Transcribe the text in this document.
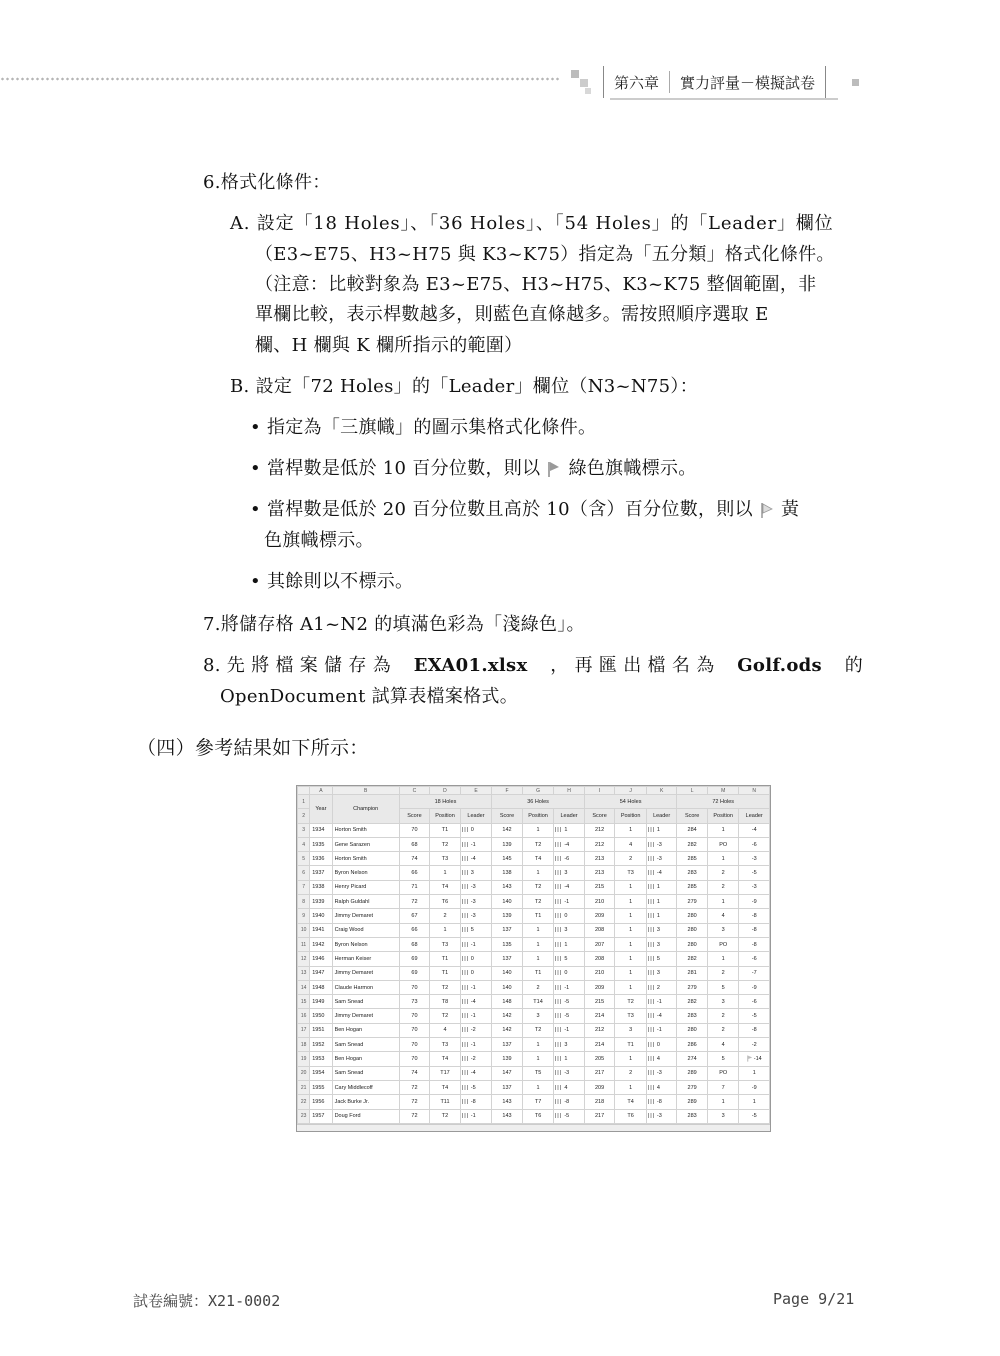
第六章	實力評量－模擬試卷
6.格式化條件：
A. 設定「18 Holes」、「36 Holes」、「54 Holes」的「Leader」欄位
（E3~E75、H3~H75 與 K3~K75）指定為「五分類」格式化條件。
（注意：比較對象為 E3~E75、H3~H75、K3~K75 整個範圍，非
單欄比較，表示桿數越多，則藍色直條越多。需按照順序選取 E
欄、H 欄與 K 欄所指示的範圍）
B. 設定「72 Holes」的「Leader」欄位（N3~N75）：
• 指定為「三旗幟」的圖示集格式化條件。
• 當桿數是低於 10 百分位數，則以 綠色旗幟標示。
• 當桿數是低於 20 百分位數且高於 10（含）百分位數，則以 黃
色旗幟標示。
• 其餘則以不標示。
7.將儲存格 A1~N2 的填滿色彩為「淺綠色」。
8. 先 將 檔 案 儲 存 為 EXA01.xlsx ， 再 匯 出 檔 名 為 Golf.ods 的
OpenDocument 試算表檔案格式。
（四）參考結果如下所示：
	A	B	C	D	E	F	G	H	I	J	K	L	M	N
1	Year	Champion	18 Holes			36 Holes			54 Holes			72 Holes		
2			Score	Position	Leader	Score	Position	Leader	Score	Position	Leader	Score	Position	Leader
3	1934	Horton Smith	70	T1	0	142	1	1	212	1	1	284	1	-4
4	1935	Gene Sarazen	68	T2	-1	139	T2	-4	212	4	-3	282	PO	-6
5	1936	Horton Smith	74	T3	-4	145	T4	-6	213	2	-3	285	1	-3
6	1937	Byron Nelson	66	1	3	138	1	3	213	T3	-4	283	2	-5
7	1938	Henry Picard	71	T4	-3	143	T2	-4	215	1	1	285	2	-3
8	1939	Ralph Guldahl	72	T6	-3	140	T2	-1	210	1	1	279	1	-9
9	1940	Jimmy Demaret	67	2	-3	139	T1	0	209	1	1	280	4	-8
10	1941	Craig Wood	66	1	5	137	1	3	208	1	3	280	3	-8
11	1942	Byron Nelson	68	T3	-1	135	1	1	207	1	3	280	PO	-8
12	1946	Herman Keiser	69	T1	0	137	1	5	208	1	5	282	1	-6
13	1947	Jimmy Demaret	69	T1	0	140	T1	0	210	1	3	281	2	-7
14	1948	Claude Harmon	70	T2	-1	140	2	-1	209	1	2	279	5	-9
15	1949	Sam Snead	73	T8	-4	148	T14	-5	215	T2	-1	282	3	-6
16	1950	Jimmy Demaret	70	T2	-1	142	3	-5	214	T3	-4	283	2	-5
17	1951	Ben Hogan	70	4	-2	142	T2	-1	212	3	-1	280	2	-8
18	1952	Sam Snead	70	T3	-1	137	1	3	214	T1	0	286	4	-2
19	1953	Ben Hogan	70	T4	-2	139	1	1	205	1	4	274	5	-14
20	1954	Sam Snead	74	T17	-4	147	T5	-3	217	2	-3	289	PO	1
21	1955	Cary Middlecoff	72	T4	-5	137	1	4	209	1	4	279	7	-9
22	1956	Jack Burke Jr.	72	T11	-8	143	T7	-8	218	T4	-8	289	1	1
23	1957	Doug Ford	72	T2	-1	143	T6	-5	217	T6	-3	283	3	-5
試卷編號：X21-0002	Page 9/21
